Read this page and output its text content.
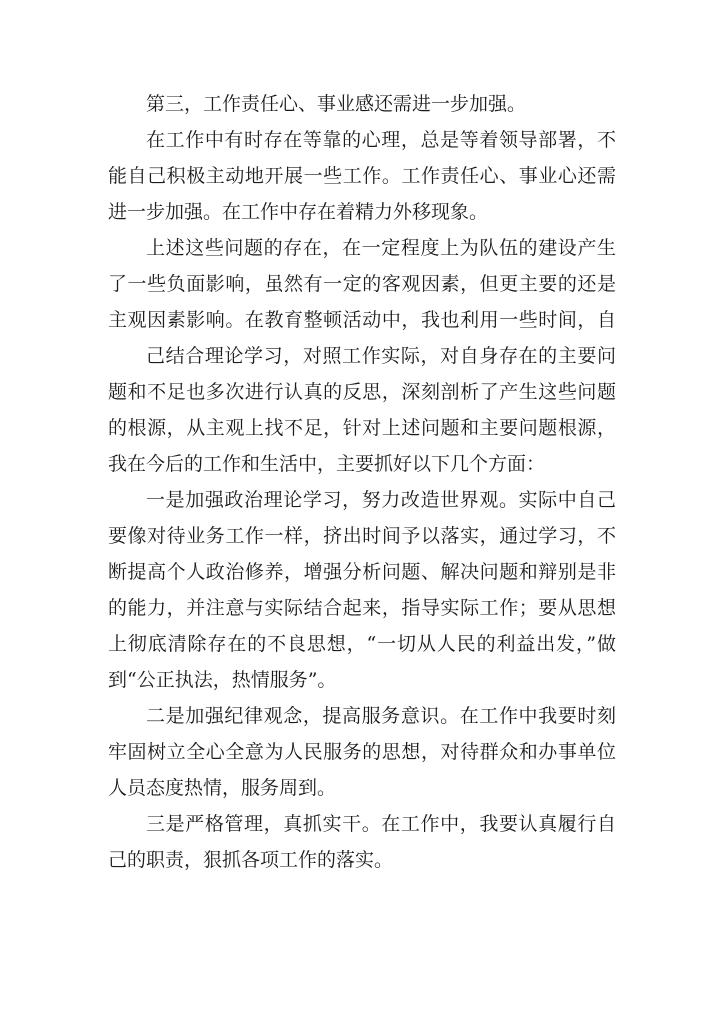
第三，工作责任心、事业感还需进一步加强。
在工作中有时存在等靠的心理，总是等着领导部署，不
能自己积极主动地开展一些工作。工作责任心、事业心还需
进一步加强。在工作中存在着精力外移现象。
上述这些问题的存在，在一定程度上为队伍的建设产生
了一些负面影响，虽然有一定的客观因素，但更主要的还是
主观因素影响。在教育整顿活动中，我也利用一些时间，自
己结合理论学习，对照工作实际，对自身存在的主要问
题和不足也多次进行认真的反思，深刻剖析了产生这些问题
的根源，从主观上找不足，针对上述问题和主要问题根源，
我在今后的工作和生活中，主要抓好以下几个方面：
一是加强政治理论学习，努力改造世界观。实际中自己
要像对待业务工作一样，挤出时间予以落实，通过学习，不
断提高个人政治修养，增强分析问题、解决问题和辩别是非
的能力，并注意与实际结合起来，指导实际工作；要从思想
上彻底清除存在的不良思想，“一切从人民的利益出发，”做
到“公正执法，热情服务”。
二是加强纪律观念，提高服务意识。在工作中我要时刻
牢固树立全心全意为人民服务的思想，对待群众和办事单位
人员态度热情，服务周到。
三是严格管理，真抓实干。在工作中，我要认真履行自
己的职责，狠抓各项工作的落实。
